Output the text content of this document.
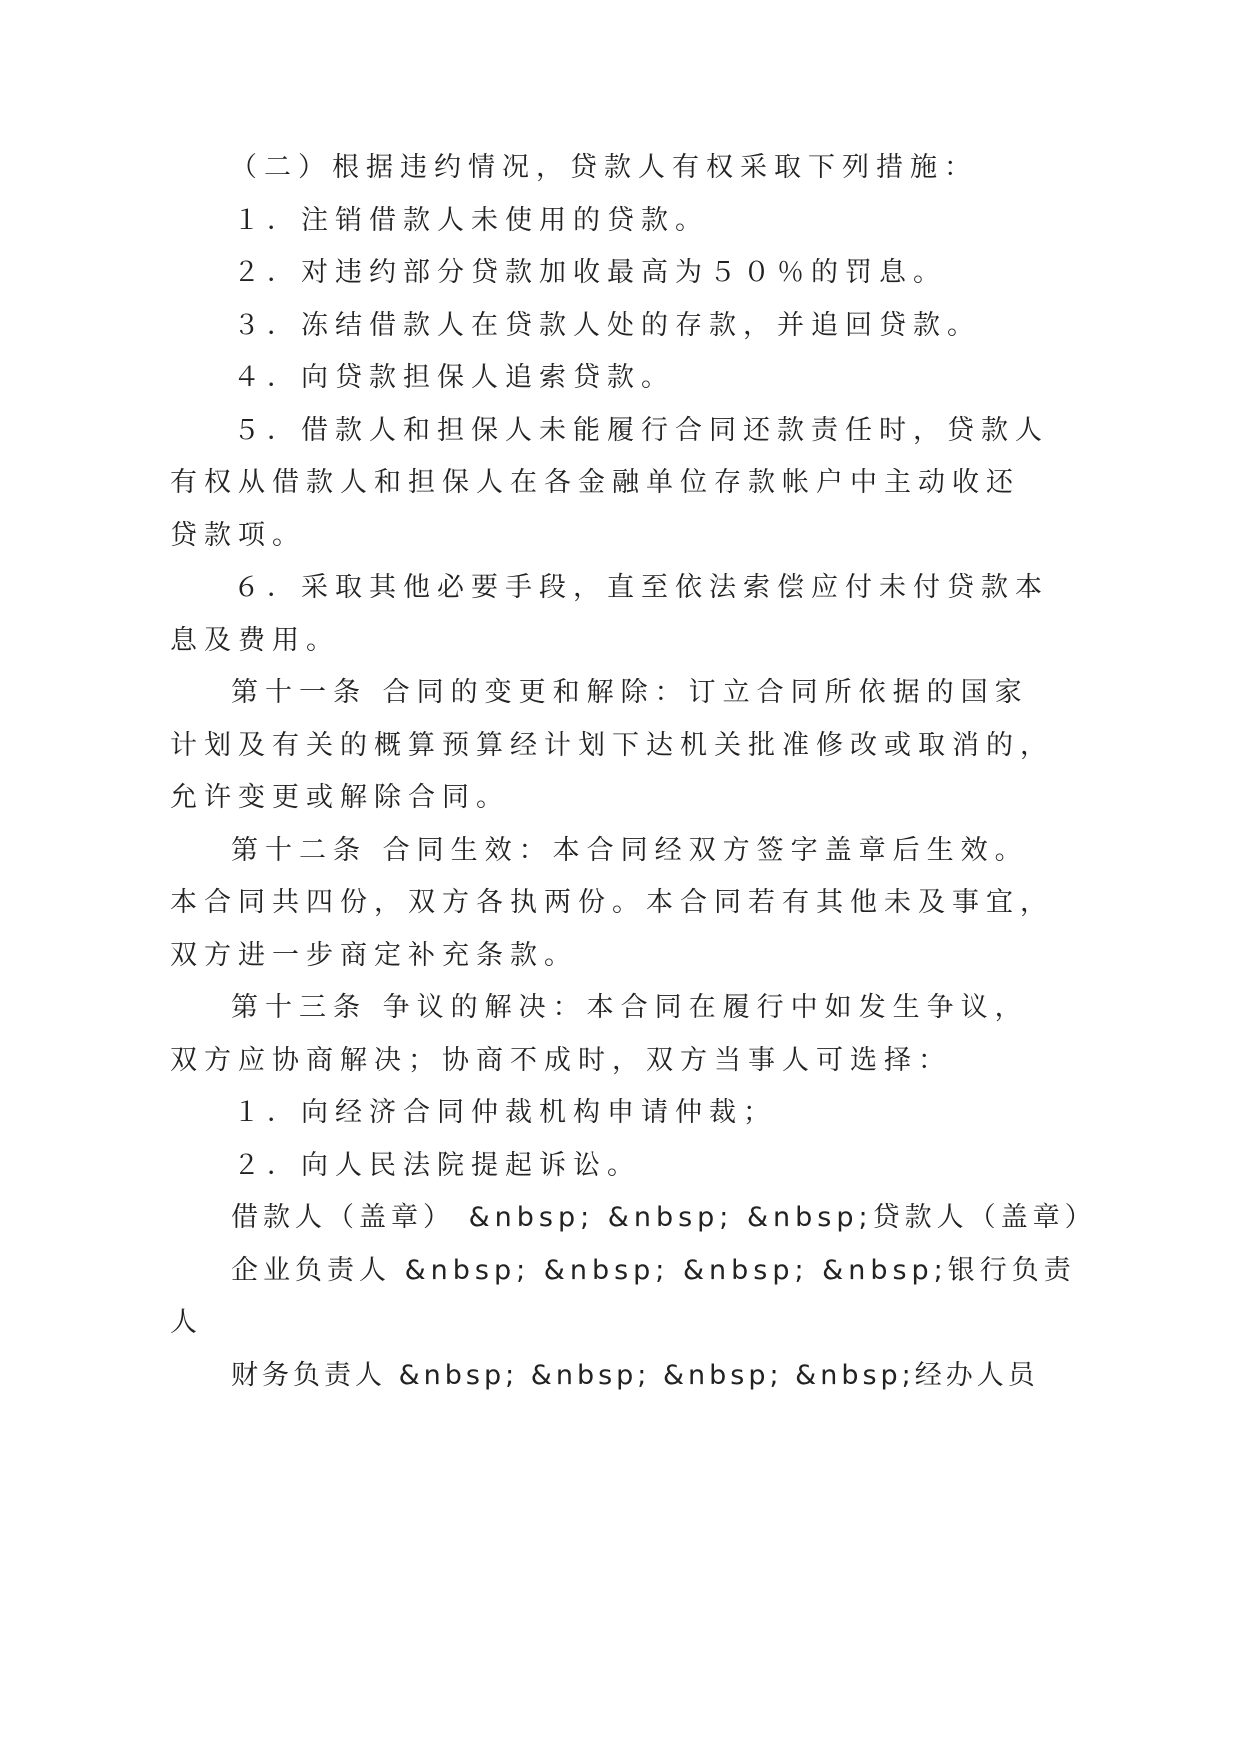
（二）根据违约情况，贷款人有权采取下列措施：
１．注销借款人未使用的贷款。
２．对违约部分贷款加收最高为５０％的罚息。
３．冻结借款人在贷款人处的存款，并追回贷款。
４．向贷款担保人追索贷款。
５．借款人和担保人未能履行合同还款责任时，贷款人
有权从借款人和担保人在各金融单位存款帐户中主动收还
贷款项。
６．采取其他必要手段，直至依法索偿应付未付贷款本
息及费用。
第十一条 合同的变更和解除：订立合同所依据的国家
计划及有关的概算预算经计划下达机关批准修改或取消的，
允许变更或解除合同。
第十二条 合同生效：本合同经双方签字盖章后生效。
本合同共四份，双方各执两份。本合同若有其他未及事宜，
双方进一步商定补充条款。
第十三条 争议的解决：本合同在履行中如发生争议，
双方应协商解决；协商不成时，双方当事人可选择：
１．向经济合同仲裁机构申请仲裁；
２．向人民法院提起诉讼。
借款人（盖章） &nbsp; &nbsp; &nbsp;贷款人（盖章）
企业负责人 &nbsp; &nbsp; &nbsp; &nbsp;银行负责
人
财务负责人 &nbsp; &nbsp; &nbsp; &nbsp;经办人员
